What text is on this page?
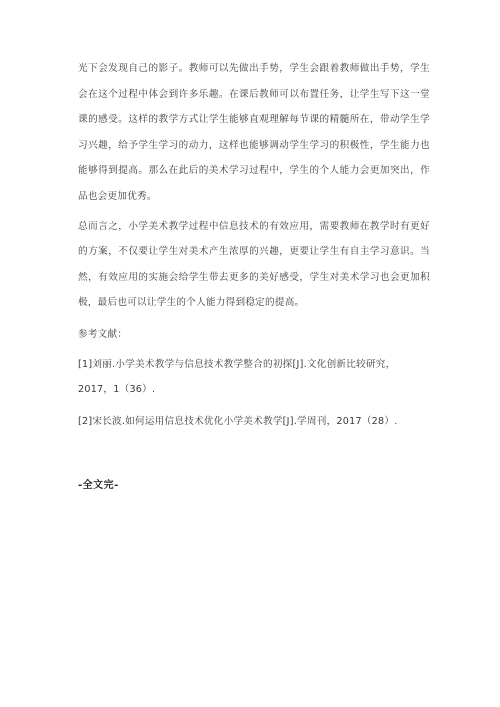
光下会发现自己的影子。教师可以先做出手势，学生会跟着教师做出手势，学生会在这个过程中体会到许多乐趣。在课后教师可以布置任务，让学生写下这一堂课的感受。这样的教学方式让学生能够直观理解每节课的精髓所在，带动学生学习兴趣，给予学生学习的动力，这样也能够调动学生学习的积极性，学生能力也能够得到提高。那么在此后的美术学习过程中，学生的个人能力会更加突出，作品也会更加优秀。

总而言之，小学美术教学过程中信息技术的有效应用，需要教师在教学时有更好的方案，不仅要让学生对美术产生浓厚的兴趣，更要让学生有自主学习意识。当然，有效应用的实施会给学生带去更多的美好感受，学生对美术学习也会更加积极，最后也可以让学生的个人能力得到稳定的提高。

参考文献：

[1]刘丽.小学美术教学与信息技术教学整合的初探[J].文化创新比较研究，2017，1（36）.

[2]宋长波.如何运用信息技术优化小学美术教学[J].学周刊，2017（28）.

-全文完-
